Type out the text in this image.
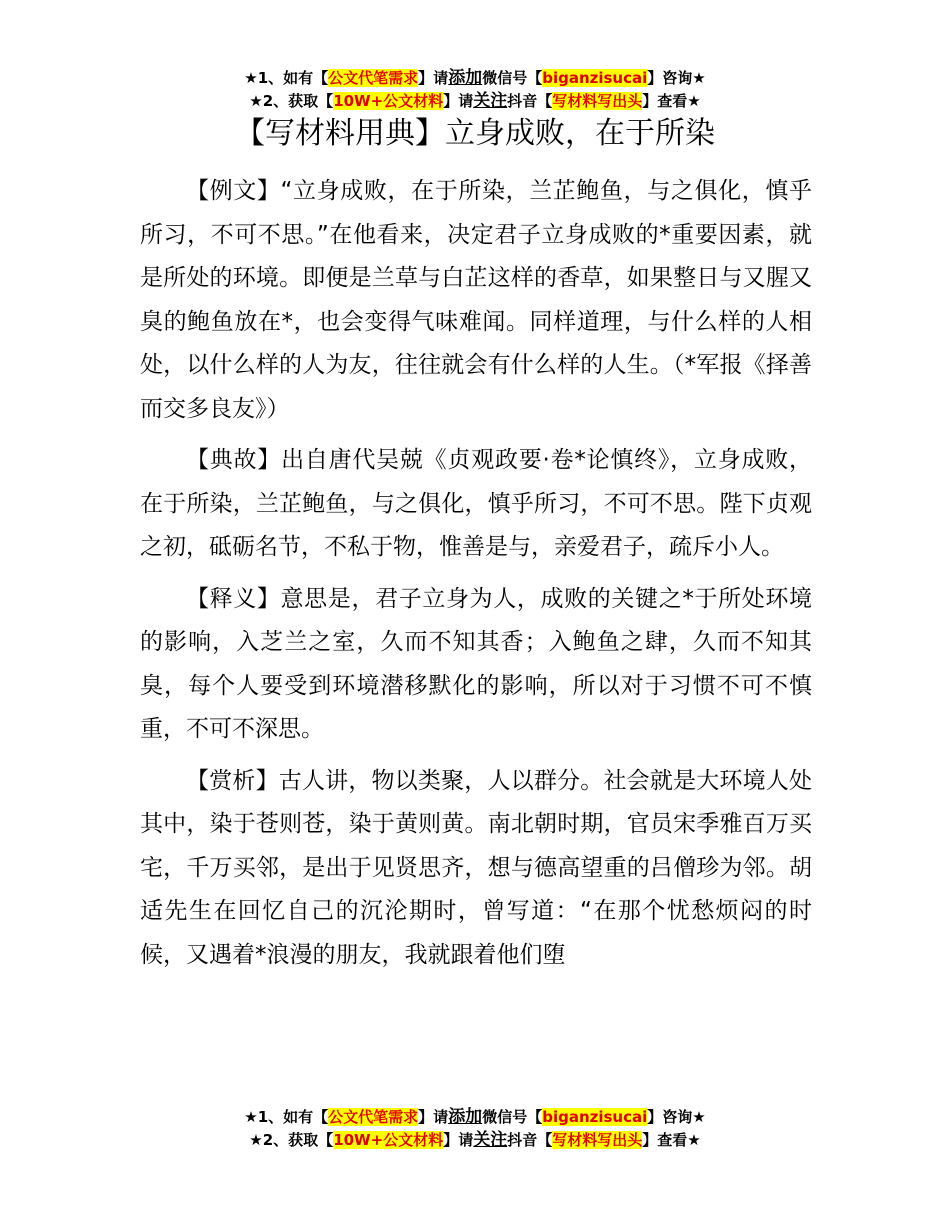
★1、如有【公文代笔需求】请添加微信号【biganzisucai】咨询★
★2、获取【10W+公文材料】请关注抖音【写材料写出头】查看★
【写材料用典】立身成败，在于所染

【例文】“立身成败，在于所染，兰芷鲍鱼，与之俱化，慎乎所习，不可不思。”在他看来，决定君子立身成败的*重要因素，就是所处的环境。即便是兰草与白芷这样的香草，如果整日与又腥又臭的鲍鱼放在*，也会变得气味难闻。同样道理，与什么样的人相处，以什么样的人为友，往往就会有什么样的人生。（*军报《择善而交多良友》）

【典故】出自唐代吴兢《贞观政要·卷*论慎终》，立身成败，在于所染，兰芷鲍鱼，与之俱化，慎乎所习，不可不思。陛下贞观之初，砥砺名节，不私于物，惟善是与，亲爱君子，疏斥小人。

【释义】意思是，君子立身为人，成败的关键之*于所处环境的影响，入芝兰之室，久而不知其香；入鲍鱼之肆，久而不知其臭，每个人要受到环境潜移默化的影响，所以对于习惯不可不慎重，不可不深思。

【赏析】古人讲，物以类聚，人以群分。社会就是大环境人处其中，染于苍则苍，染于黄则黄。南北朝时期，官员宋季雅百万买宅，千万买邻，是出于见贤思齐，想与德高望重的吕僧珍为邻。胡适先生在回忆自己的沉沦期时，曾写道：“在那个忧愁烦闷的时候，又遇着*浪漫的朋友，我就跟着他们堕

★1、如有【公文代笔需求】请添加微信号【biganzisucai】咨询★
★2、获取【10W+公文材料】请关注抖音【写材料写出头】查看★
